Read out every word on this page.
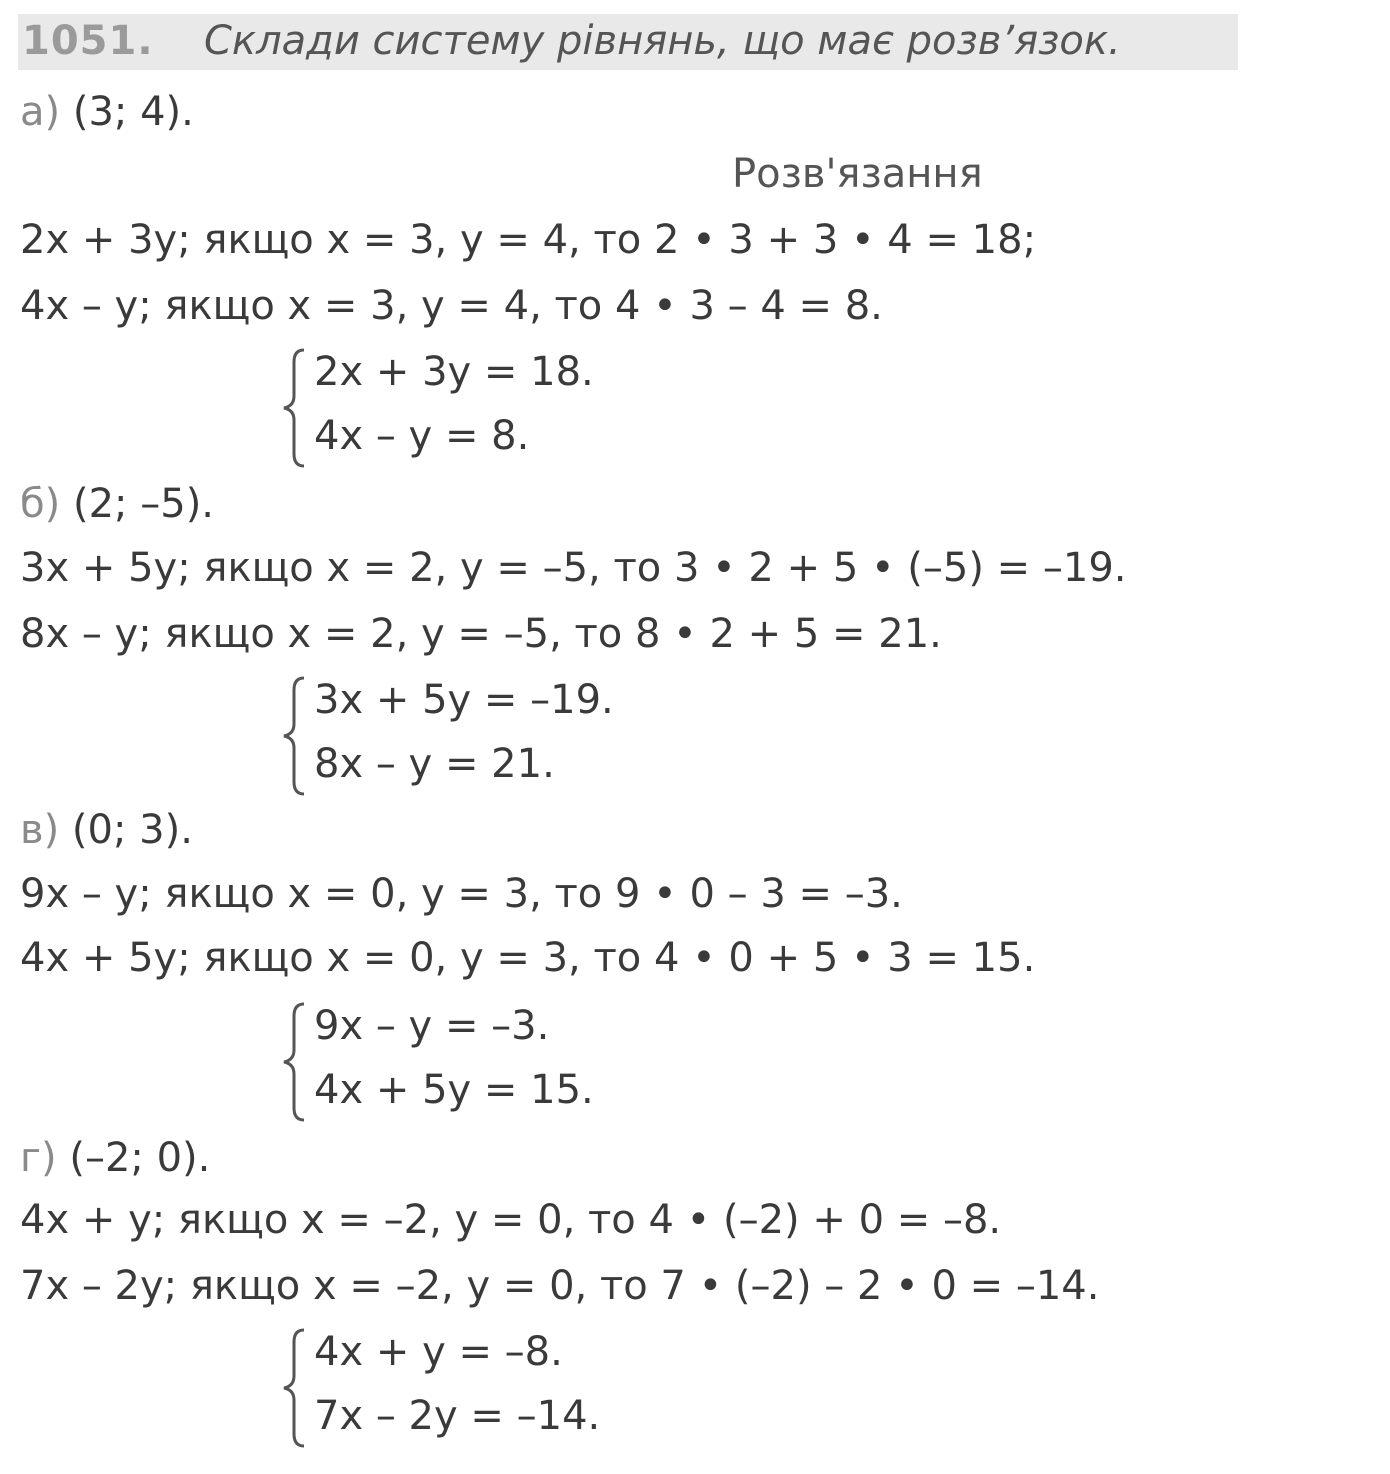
1051. Склади систему рівнянь, що має розв’язок.
а) (3; 4).
Розв'язання
2x + 3y; якщо x = 3, y = 4, то 2 • 3 + 3 • 4 = 18;
4x – y; якщо x = 3, y = 4, то 4 • 3 – 4 = 8.
2x + 3y = 18.
4x – y = 8.
б) (2; –5).
3x + 5y; якщо x = 2, y = –5, то 3 • 2 + 5 • (–5) = –19.
8x – y; якщо x = 2, y = –5, то 8 • 2 + 5 = 21.
3x + 5y = –19.
8x – y = 21.
в) (0; 3).
9x – y; якщо x = 0, y = 3, то 9 • 0 – 3 = –3.
4x + 5y; якщо x = 0, y = 3, то 4 • 0 + 5 • 3 = 15.
9x – y = –3.
4x + 5y = 15.
г) (–2; 0).
4x + y; якщо x = –2, y = 0, то 4 • (–2) + 0 = –8.
7x – 2y; якщо x = –2, y = 0, то 7 • (–2) – 2 • 0 = –14.
4x + y = –8.
7x – 2y = –14.
